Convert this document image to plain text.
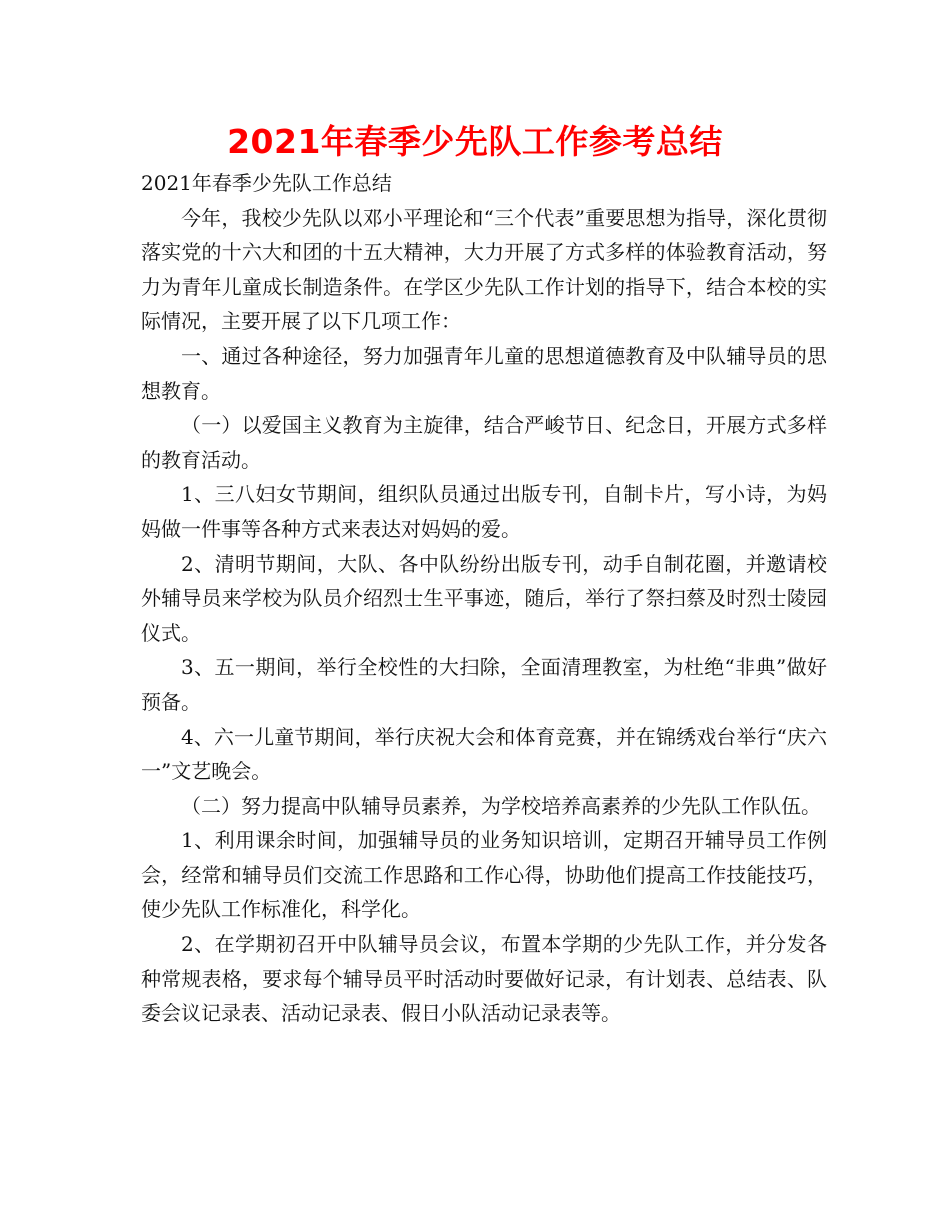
2021年春季少先队工作参考总结

2021年春季少先队工作总结

今年，我校少先队以邓小平理论和“三个代表”重要思想为指导，深化贯彻落实党的十六大和团的十五大精神，大力开展了方式多样的体验教育活动，努力为青年儿童成长制造条件。在学区少先队工作计划的指导下，结合本校的实际情况，主要开展了以下几项工作：

一、通过各种途径，努力加强青年儿童的思想道德教育及中队辅导员的思想教育。

（一）以爱国主义教育为主旋律，结合严峻节日、纪念日，开展方式多样的教育活动。

1、三八妇女节期间，组织队员通过出版专刊，自制卡片，写小诗，为妈妈做一件事等各种方式来表达对妈妈的爱。

2、清明节期间，大队、各中队纷纷出版专刊，动手自制花圈，并邀请校外辅导员来学校为队员介绍烈士生平事迹，随后，举行了祭扫蔡及时烈士陵园仪式。

3、五一期间，举行全校性的大扫除，全面清理教室，为杜绝“非典”做好预备。

4、六一儿童节期间，举行庆祝大会和体育竞赛，并在锦绣戏台举行“庆六一”文艺晚会。

（二）努力提高中队辅导员素养，为学校培养高素养的少先队工作队伍。

1、利用课余时间，加强辅导员的业务知识培训，定期召开辅导员工作例会，经常和辅导员们交流工作思路和工作心得，协助他们提高工作技能技巧，使少先队工作标准化，科学化。

2、在学期初召开中队辅导员会议，布置本学期的少先队工作，并分发各种常规表格，要求每个辅导员平时活动时要做好记录，有计划表、总结表、队委会议记录表、活动记录表、假日小队活动记录表等。
